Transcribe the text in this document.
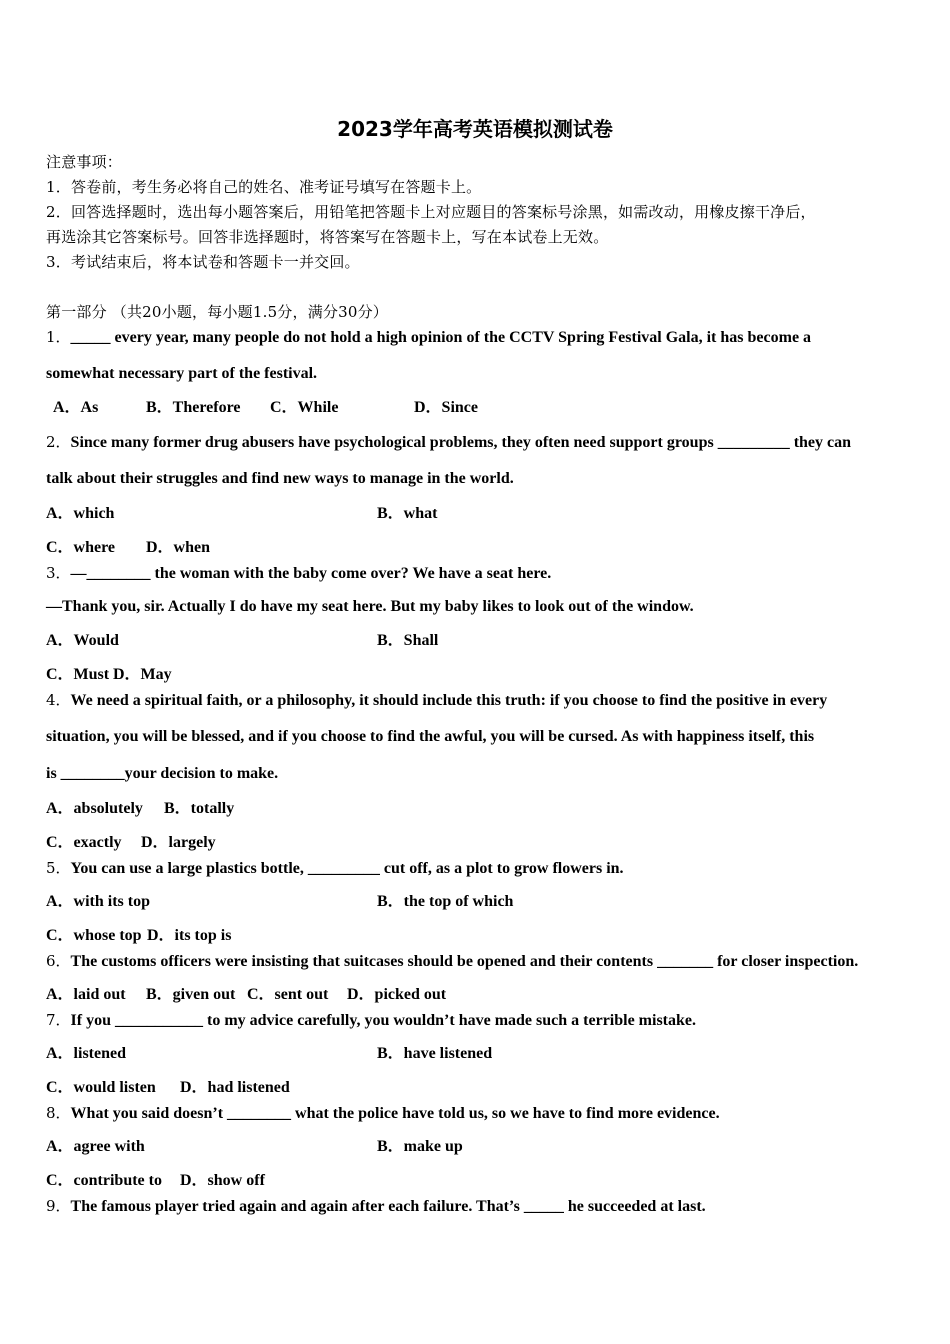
2023学年高考英语模拟测试卷
注意事项：
1．答卷前，考生务必将自己的姓名、准考证号填写在答题卡上。
2．回答选择题时，选出每小题答案后，用铅笔把答题卡上对应题目的答案标号涂黑，如需改动，用橡皮擦干净后，
再选涂其它答案标号。回答非选择题时，将答案写在答题卡上，写在本试卷上无效。
3．考试结束后，将本试卷和答题卡一并交回。
第一部分 （共20小题，每小题1.5分，满分30分）
1．_____ every year, many people do not hold a high opinion of the CCTV Spring Festival Gala, it has become a
somewhat necessary part of the festival.
A．As	B．Therefore C．While	D．Since
2．Since many former drug abusers have psychological problems, they often need support groups _________ they can
talk about their struggles and find new ways to manage in the world.
A．which	B．what
C．where D．when
3．—________ the woman with the baby come over? We have a seat here.
—Thank you, sir. Actually I do have my seat here. But my baby likes to look out of the window.
A．Would	B．Shall
C．Must D．May
4．We need a spiritual faith, or a philosophy, it should include this truth: if you choose to find the positive in every
situation, you will be blessed, and if you choose to find the awful, you will be cursed. As with happiness itself, this
is ________your decision to make.
A．absolutely B．totally
C．exactly D．largely
5．You can use a large plastics bottle, _________ cut off, as a plot to grow flowers in.
A．with its top	B．the top of which
C．whose top D．its top is
6．The customs officers were insisting that suitcases should be opened and their contents _______ for closer inspection.
A．laid out B．given out C．sent out D．picked out
7．If you ___________ to my advice carefully, you wouldn’t have made such a terrible mistake.
A．listened	B．have listened
C．would listen D．had listened
8．What you said doesn’t ________ what the police have told us, so we have to find more evidence.
A．agree with	B．make up
C．contribute to D．show off
9．The famous player tried again and again after each failure. That’s _____ he succeeded at last.
